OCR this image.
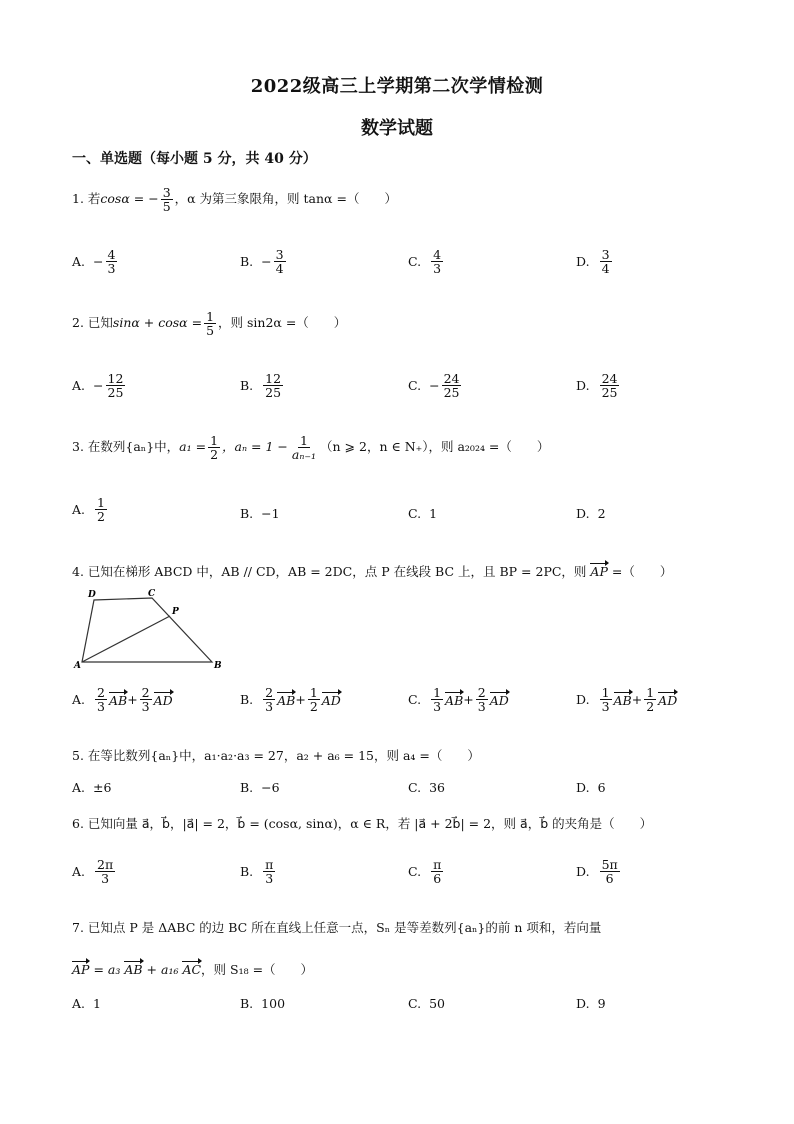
2022级高三上学期第二次学情检测
数学试题
一、单选题（每小题 5 分，共 40 分）
1. 若cosα = − $\frac{3}{5}$ ，α 为第三象限角，则 tanα =（　　）
A. − $\frac{4}{3}$	B. − $\frac{3}{4}$	C. $\frac{4}{3}$	D. $\frac{3}{4}$
2. 已知$\sin\alpha + \cos\alpha = \frac{1}{5}$ ，则 sin2α =（　　）
A. − $\frac{12}{25}$	B. $\frac{12}{25}$	C. − $\frac{24}{25}$	D. $\frac{24}{25}$
3. 在数列{aₙ}中，$a_1 = \frac{1}{2}$ ，$a_n = 1 - \frac{1}{\text{aₙ₋₁}} (n$ ⩾ 2，n ∈ N₊），则 a₂₀₂₄ =（　　）
A. $\frac{1}{2}$	B. −1	C. 1	D. 2
4. 已知在梯形 ABCD 中，AB // CD，AB = 2DC，点 P 在线段 BC 上，且 BP = 2PC，则 AP =（　　）
A	B
C
D
P
A. $\frac{2}{3}$ AB + $\frac{2}{3}$ AD	B. $\frac{2}{3}$ AB + $\frac{1}{2}$ AD	C. $\frac{1}{3}$ AB + $\frac{2}{3}$ AD	D. $\frac{1}{3}$ AB + $\frac{1}{2}$ AD
5. 在等比数列{aₙ}中，a₁·a₂·a₃ = 27，a₂ + a₆ = 15，则 a₄ =（　　）
A. ±6	B. −6	C. 36	D. 6
6. 已知向量 a⃗，b⃗，|a⃗| = 2，b⃗ = (cosα, sinα)，α ∈ R，若 |a⃗ + 2b⃗| = 2，则 a⃗，b⃗ 的夹角是（　　）
A. $\frac{2\pi}{3}$	B. $\frac{\pi}{3}$	C. $\frac{\pi}{6}$	D. $\frac{5\pi}{6}$
7. 已知点 P 是 ΔABC 的边 BC 所在直线上任意一点，Sₙ 是等差数列{aₙ}的前 n 项和，若向量
AP = a₃ AB + a₁₆ AC，则 S₁₈ =（　　）
A. 1	B. 100	C. 50	D. 9
